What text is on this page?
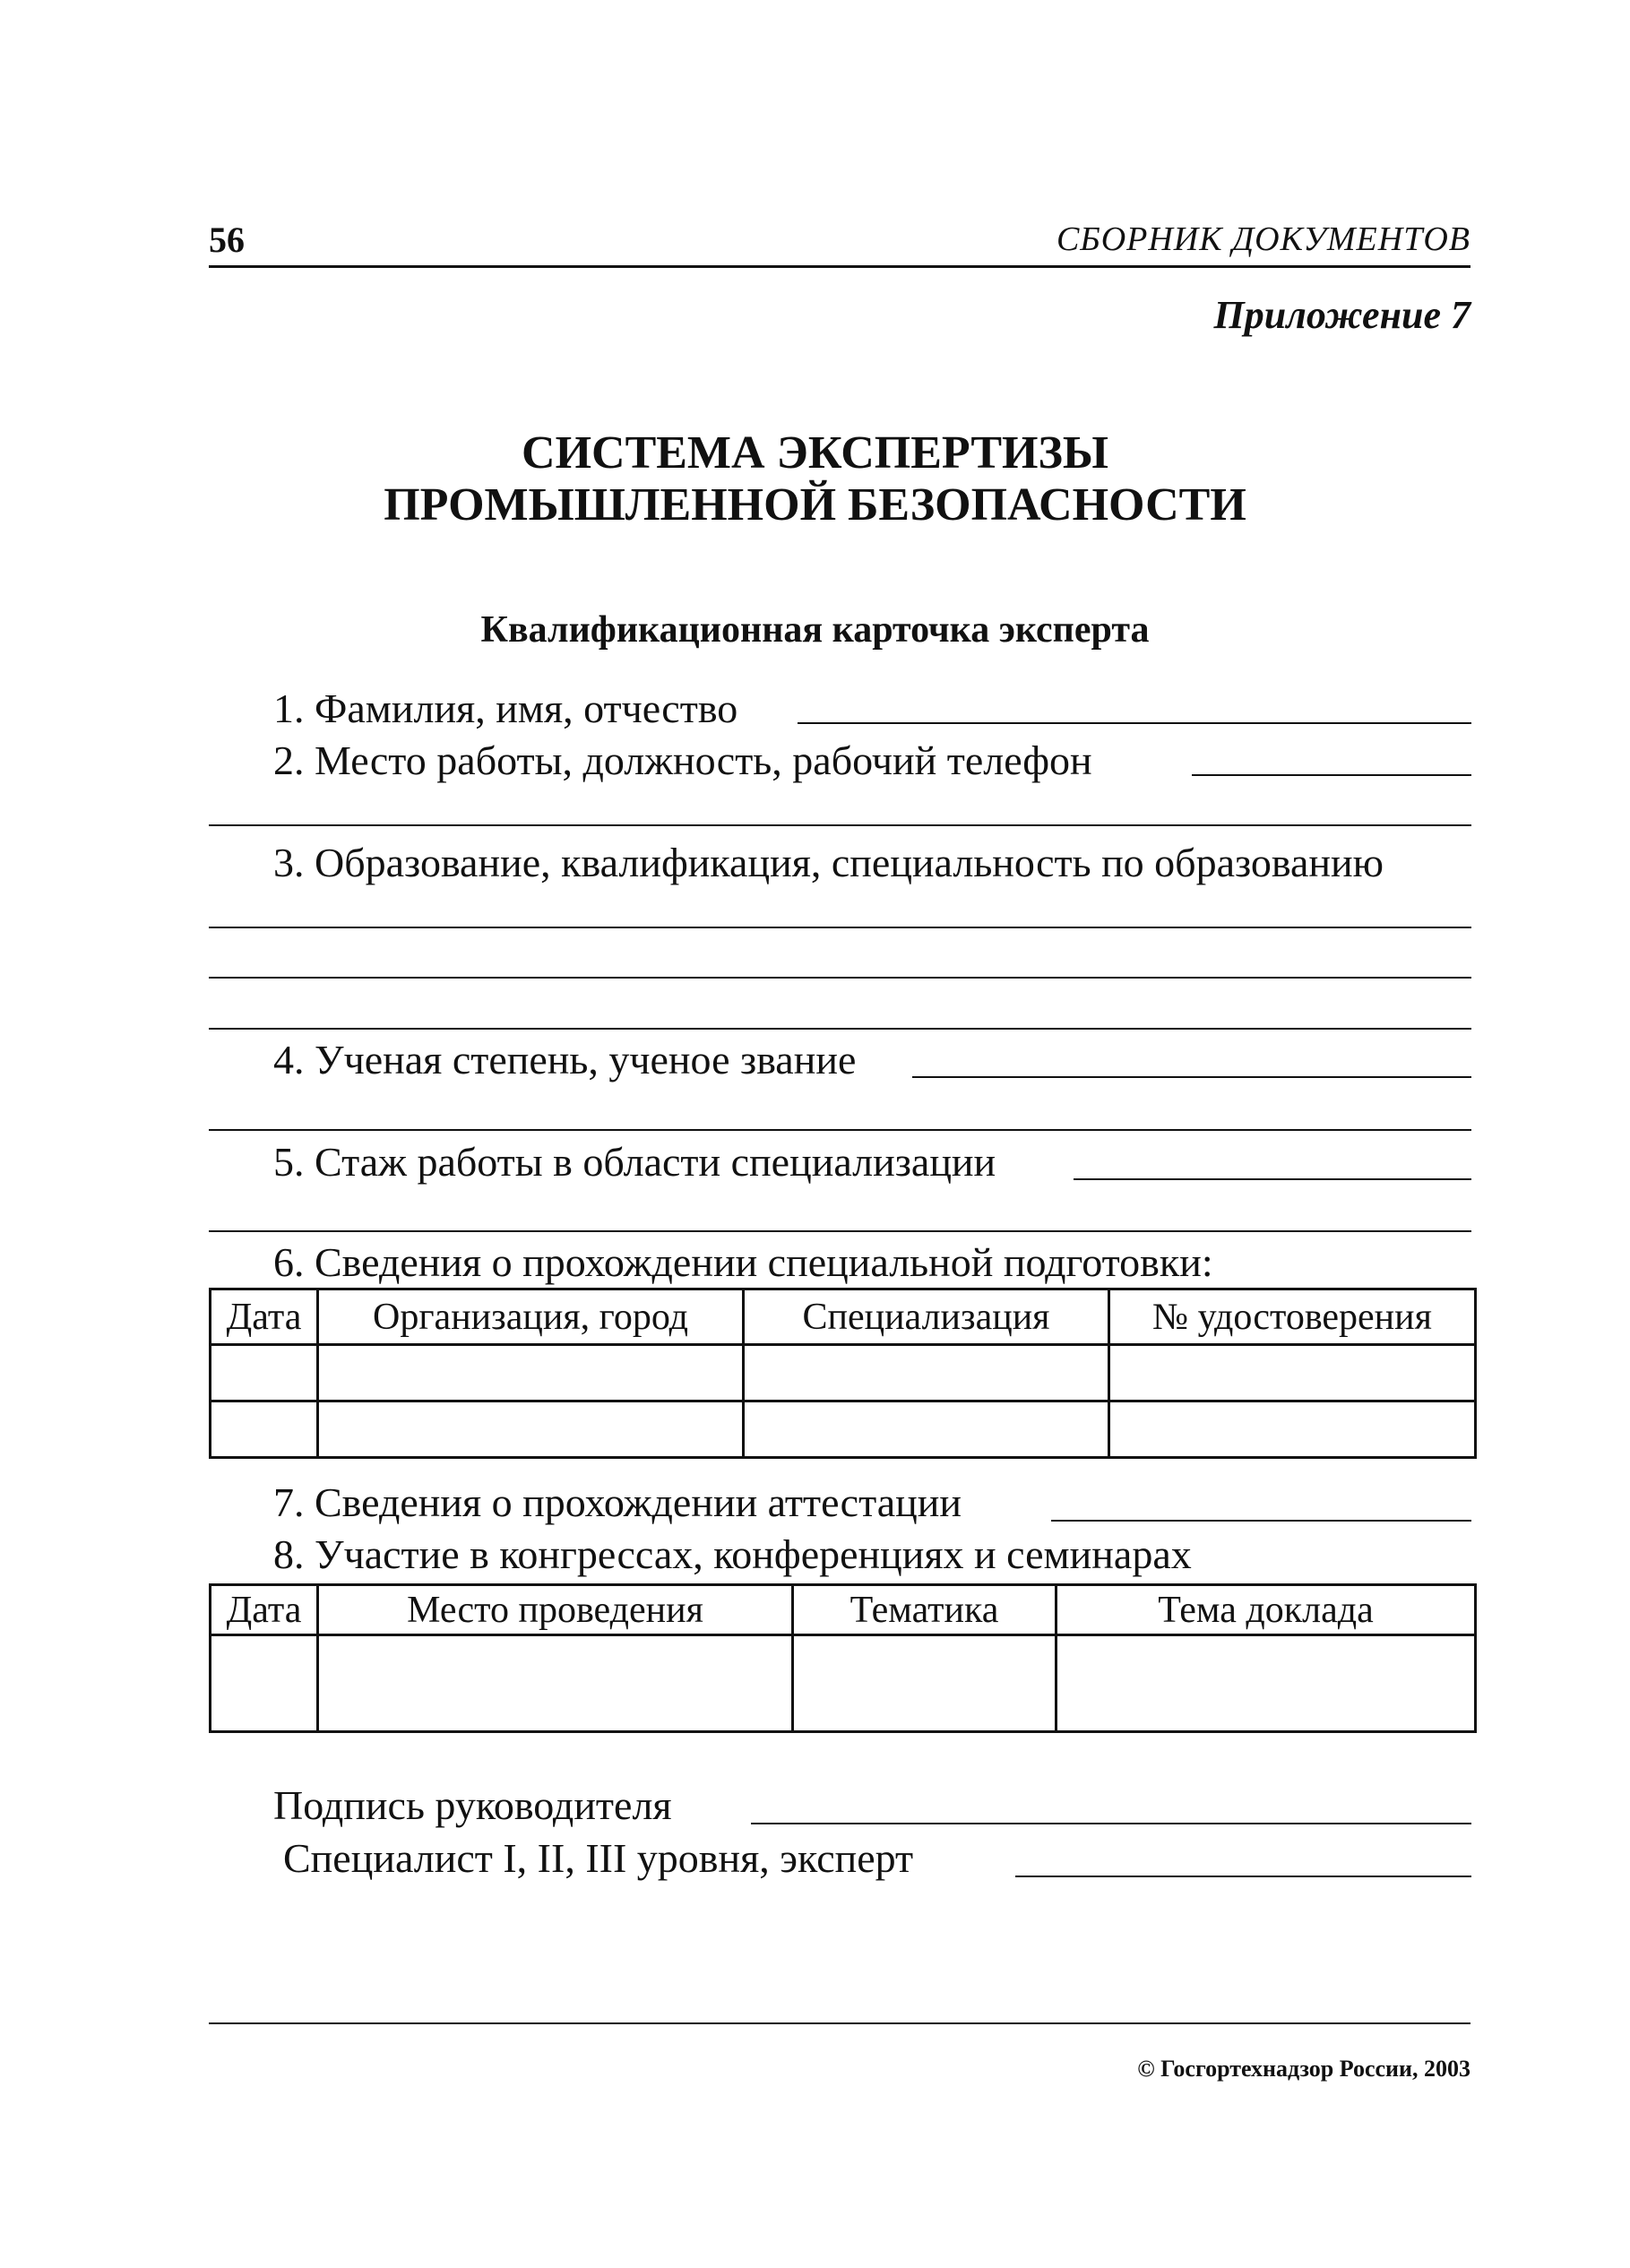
56	СБОРНИК ДОКУМЕНТОВ
Приложение 7
СИСТЕМА ЭКСПЕРТИЗЫ
ПРОМЫШЛЕННОЙ БЕЗОПАСНОСТИ
Квалификационная карточка эксперта
1. Фамилия, имя, отчество
2. Место работы, должность, рабочий телефон
3. Образование, квалификация, специальность по образованию
4. Ученая степень, ученое звание
5. Стаж работы в области специализации
6. Сведения о прохождении специальной подготовки:
Дата	Организация, город	Специализация	№ удостоверения

7. Сведения о прохождении аттестации
8. Участие в конгрессах, конференциях и семинарах
Дата	Место проведения	Тематика	Тема доклада

Подпись руководителя
Специалист I, II, III уровня, эксперт
© Госгортехнадзор России, 2003
